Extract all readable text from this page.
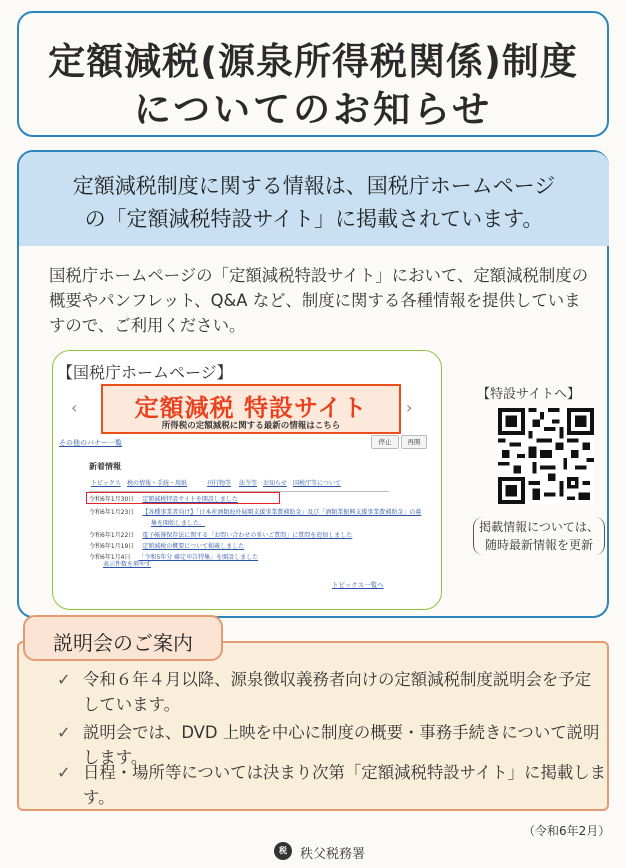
定額減税(源泉所得税関係)制度
についてのお知らせ
定額減税制度に関する情報は、国税庁ホームページ
の「定額減税特設サイト」に掲載されています。
国税庁ホームページの「定額減税特設サイト」において、定額減税制度の概要やパンフレット、Q&A など、制度に関する各種情報を提供していますので、ご利用ください。
【国税庁ホームページ】
‹	定額減税 特設サイト
所得税の定額減税に関する最新の情報はこちら
›
その他のバナー一覧	停止	再開
新着情報
トピックス 税の情報・手続・用紙	刊行物等 法令等 お知らせ 国税庁等について
令和6年1月30日 定額減税特設サイトを開設しました
令和6年1月23日 【各種事業者向け】「日本産酒類海外展開支援事業費補助金」及び「酒類業振興支援事業費補助金」の募
集を開始しました。
令和6年1月22日 電子帳簿保存法に関する「お問い合わせの多いご質問」に質問を追加しました
令和6年1月19日 定額減税の概要について掲載しました
令和6年1月4日 「令和5年分 確定申告特集」を開設しました
表示件数を増やす
トピックス一覧へ
【特設サイトへ】
掲載情報については、
随時最新情報を更新
✓ 令和６年４月以降、源泉徴収義務者向けの定額減税制度説明会を予定しています。
✓ 説明会では、DVD 上映を中心に制度の概要・事務手続きについて説明します。
✓ 日程・場所等については決まり次第「定額減税特設サイト」に掲載します。
説明会のご案内
（令和6年2月）
税	秩父税務署
